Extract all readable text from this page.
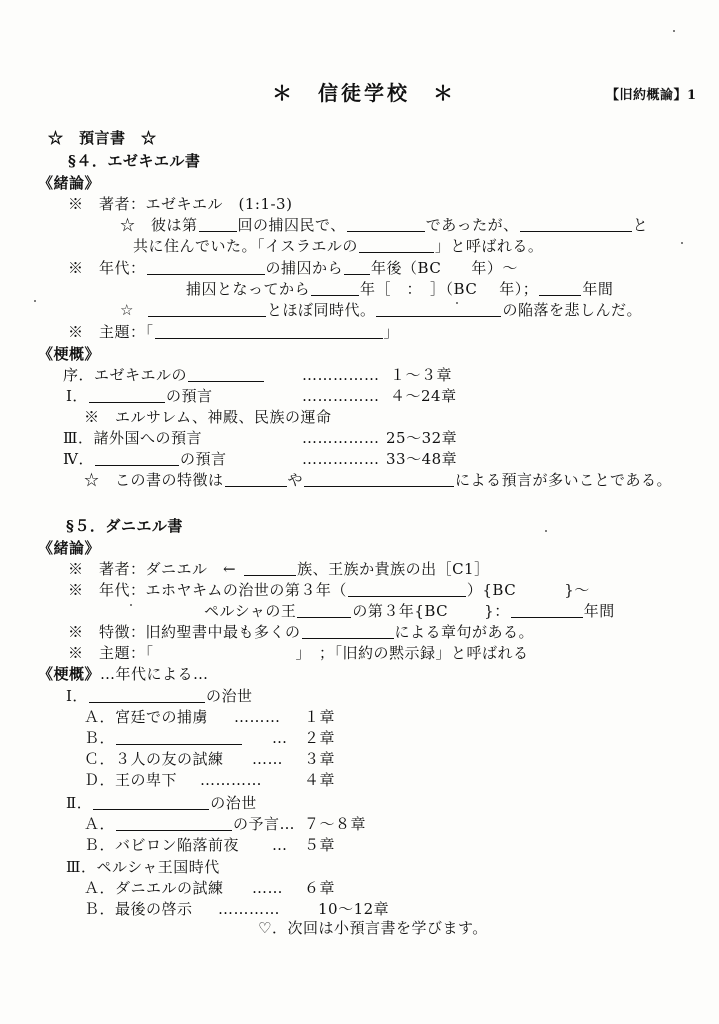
＊　信徒学校　＊	【旧約概論】1
☆　預言書　☆
§４．エゼキエル書
《緒論》
※　著者：エゼキエル　(1:1-3)
☆　彼は第	回の捕囚民で、	であったが、	と
共に住んでいた。「イスラエルの	」と呼ばれる。
※　年代：	の捕囚から 年後（BC 年）〜
捕囚となってから	年［　：　］（BC 年）；	年間
☆	とほぼ同時代。	の陥落を悲しんだ。
※　主題：「	」
《梗概》
序．エゼキエルの	…………… １〜３章
Ⅰ．	の預言	…………… ４〜24章
※　エルサレム、神殿、民族の運命
Ⅲ．諸外国への預言	…………… 25〜32章
Ⅳ．	の預言	…………… 33〜48章
☆　この書の特徴は	や	による預言が多いことである。
§５．ダニエル書
《緒論》
※　著者：ダニエル　←	族、王族か貴族の出［C1］
※　年代：エホヤキムの治世の第３年（	）{BC	}〜
ペルシャの王	の第３年{BC }：	年間
※　特徴：旧約聖書中最も多くの	による章句がある。
※　主題：「	」　；「旧約の黙示録」と呼ばれる
《梗概》…年代による…
Ⅰ．	の治世
Ａ．宮廷での捕虜 ……… １章
Ｂ．	… ２章
Ｃ．３人の友の試練 …… ３章
Ｄ．王の卑下 …………	４章
Ⅱ．	の治世
Ａ．	の予言… ７〜８章
Ｂ．バビロン陥落前夜 … ５章
Ⅲ．ペルシャ王国時代
Ａ．ダニエルの試練 …… ６章
Ｂ．最後の啓示 …………	10〜12章
♡．次回は小預言書を学びます。
